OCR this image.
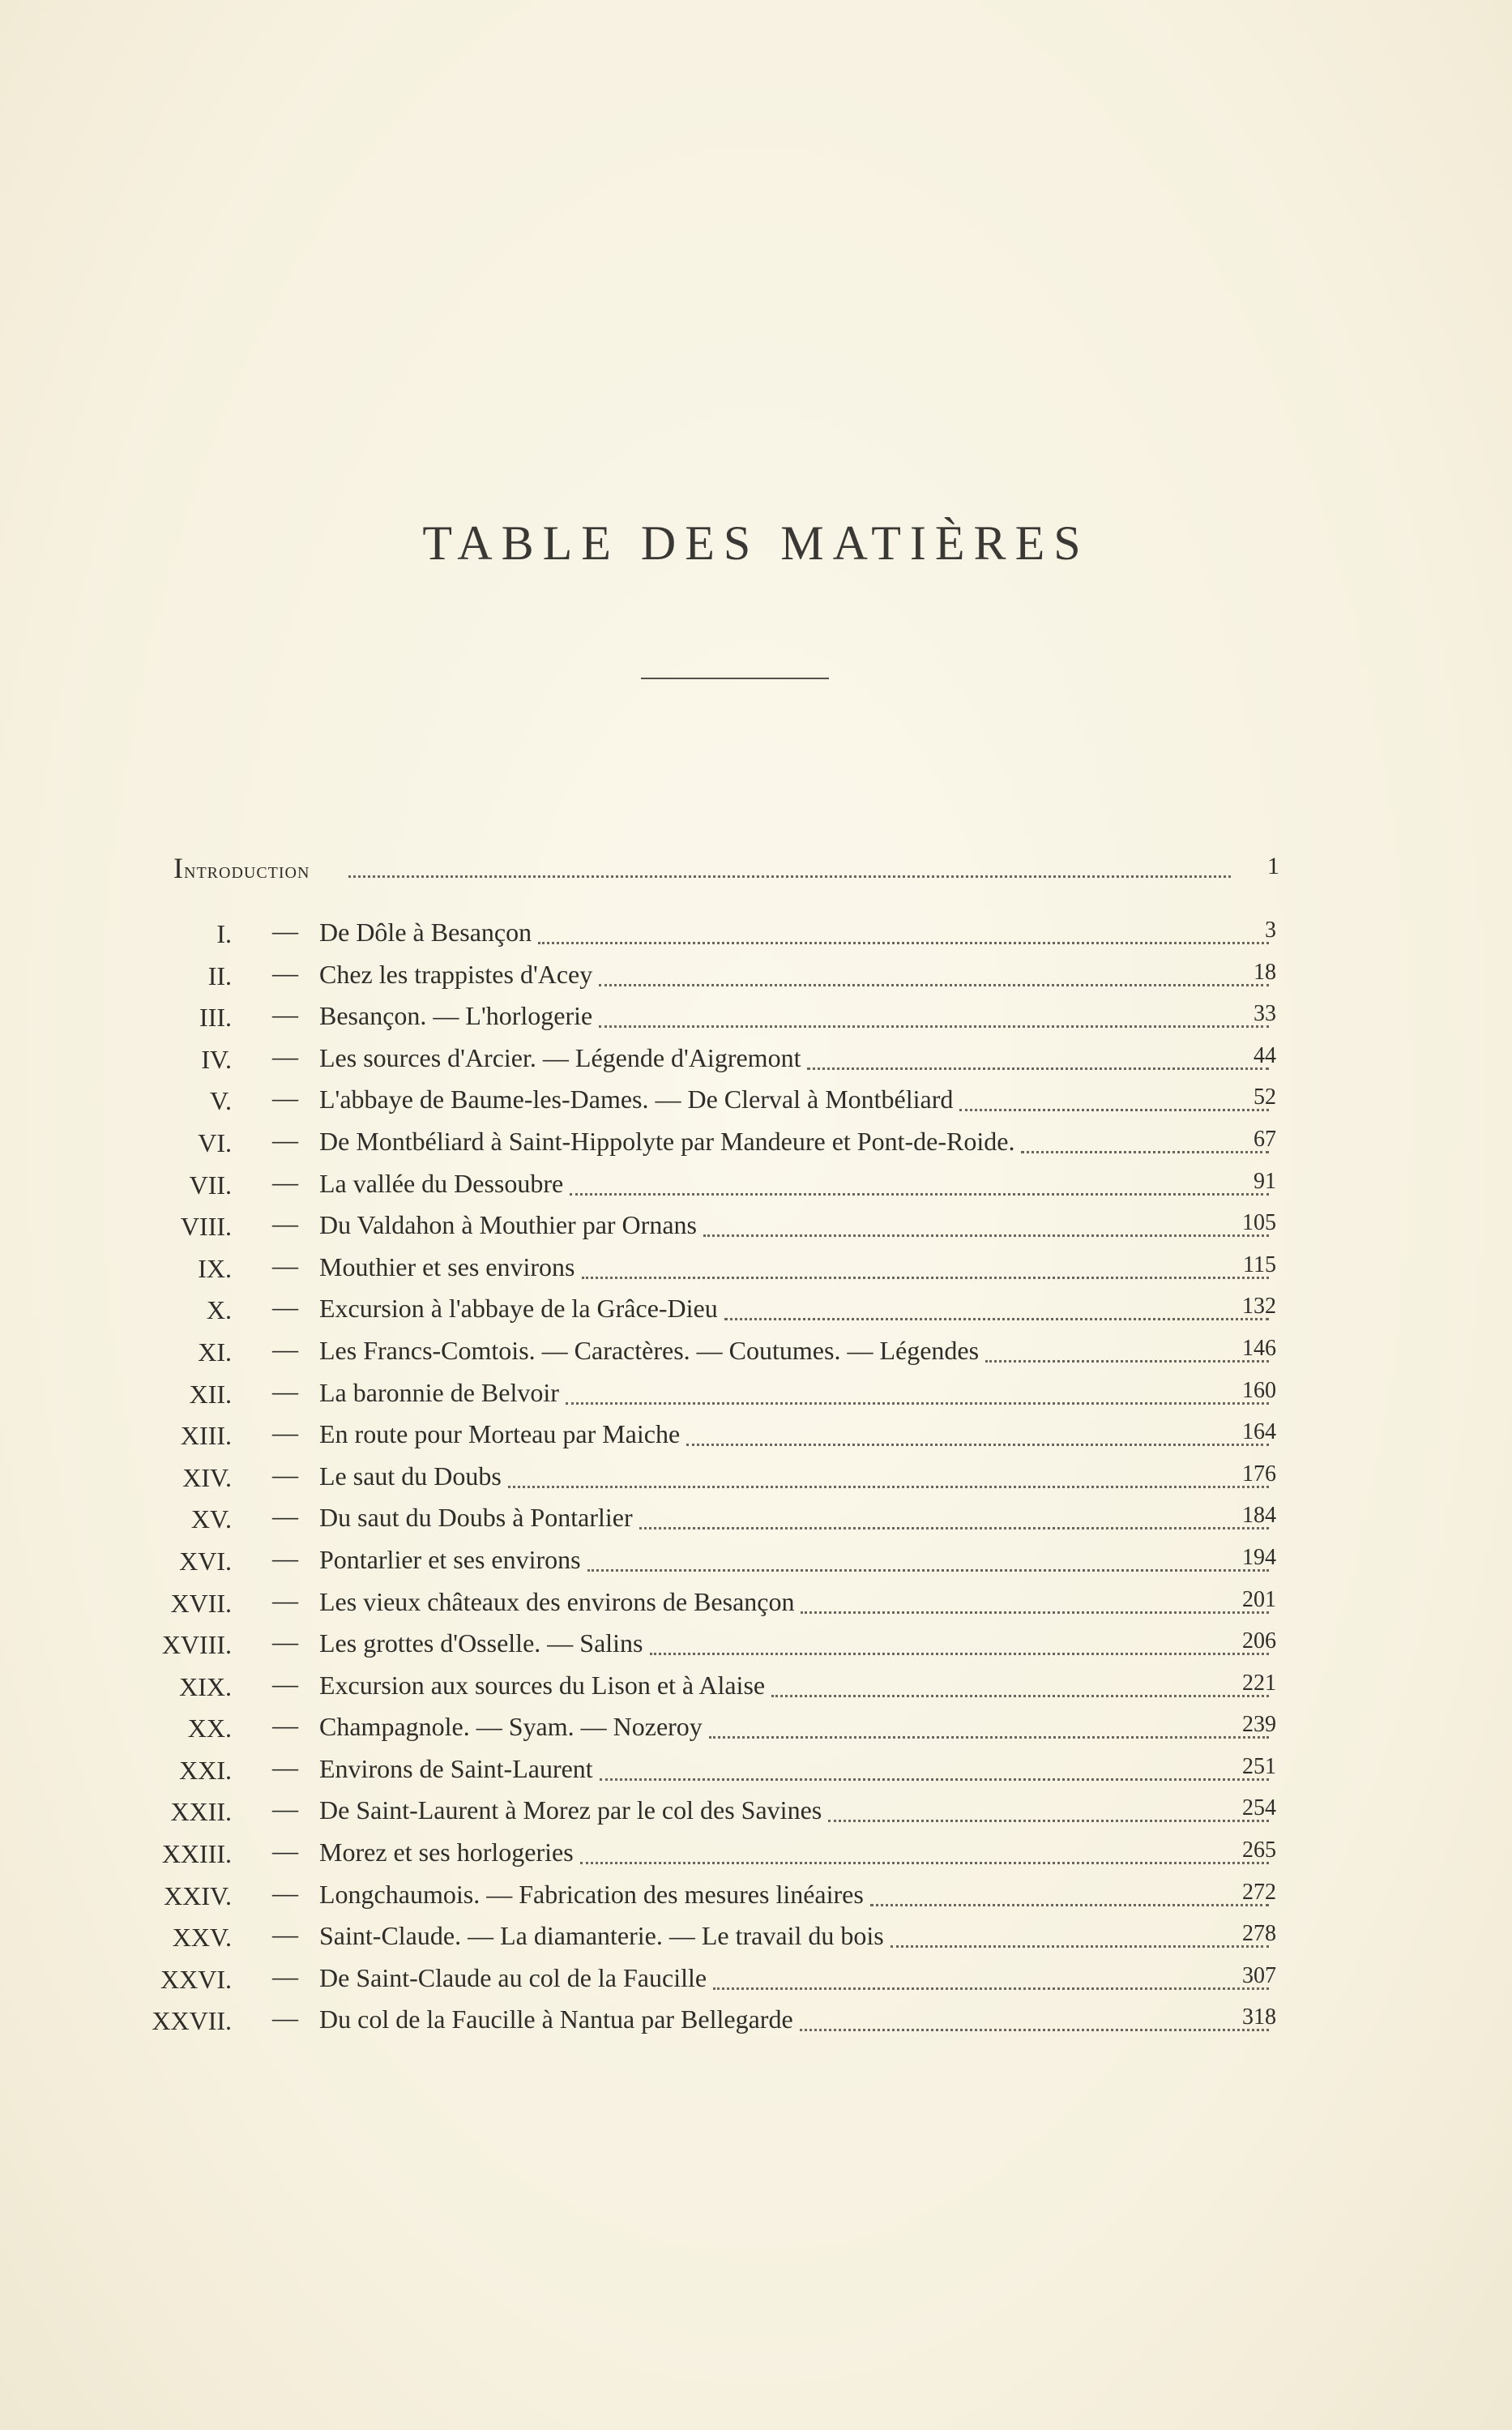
TABLE DES MATIÈRES
Introduction	1
I. — De Dôle à Besançon	3
II. — Chez les trappistes d'Acey	18
III. — Besançon. — L'horlogerie	33
IV. — Les sources d'Arcier. — Légende d'Aigremont	44
V. — L'abbaye de Baume-les-Dames. — De Clerval à Montbéliard	52
VI. — De Montbéliard à Saint-Hippolyte par Mandeure et Pont-de-Roide.	67
VII. — La vallée du Dessoubre	91
VIII. — Du Valdahon à Mouthier par Ornans	105
IX. — Mouthier et ses environs	115
X. — Excursion à l'abbaye de la Grâce-Dieu	132
XI. — Les Francs-Comtois. — Caractères. — Coutumes. — Légendes	146
XII. — La baronnie de Belvoir	160
XIII. — En route pour Morteau par Maiche	164
XIV. — Le saut du Doubs	176
XV. — Du saut du Doubs à Pontarlier	184
XVI. — Pontarlier et ses environs	194
XVII. — Les vieux châteaux des environs de Besançon	201
XVIII. — Les grottes d'Osselle. — Salins	206
XIX. — Excursion aux sources du Lison et à Alaise	221
XX. — Champagnole. — Syam. — Nozeroy	239
XXI. — Environs de Saint-Laurent	251
XXII. — De Saint-Laurent à Morez par le col des Savines	254
XXIII. — Morez et ses horlogeries	265
XXIV. — Longchaumois. — Fabrication des mesures linéaires	272
XXV. — Saint-Claude. — La diamanterie. — Le travail du bois	278
XXVI. — De Saint-Claude au col de la Faucille	307
XXVII. — Du col de la Faucille à Nantua par Bellegarde	318
